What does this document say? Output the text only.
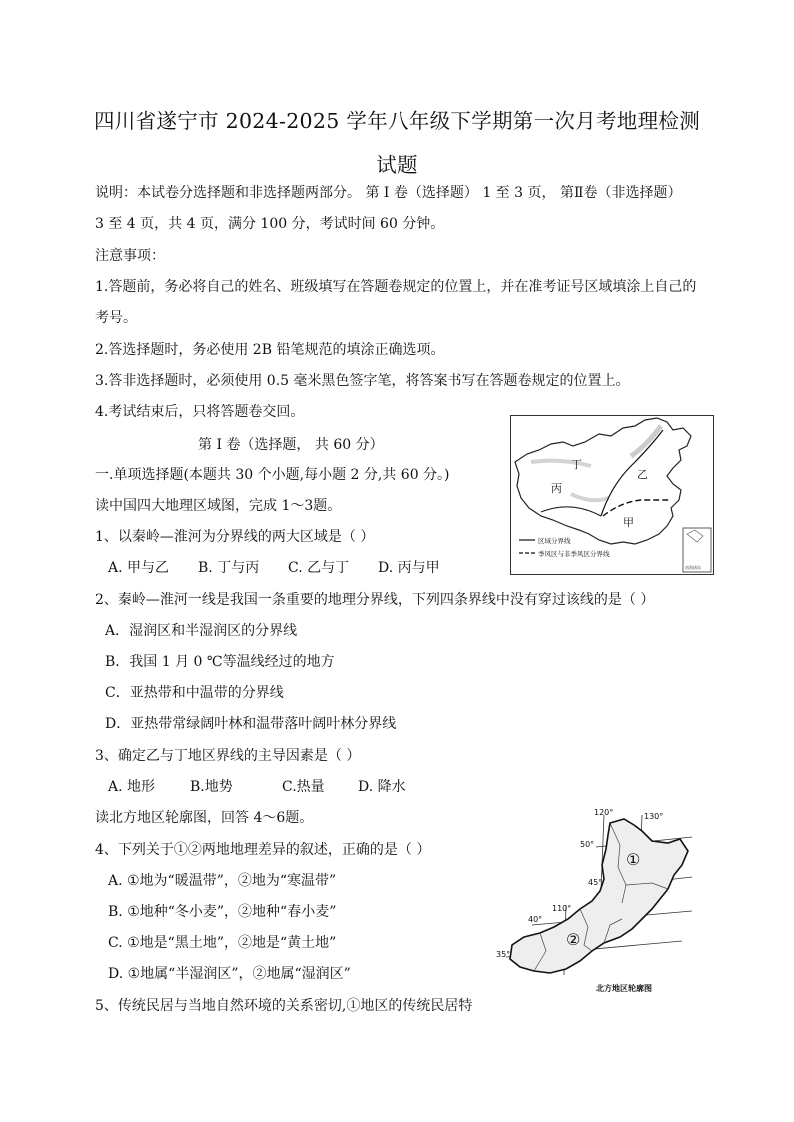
四川省遂宁市 2024-2025 学年八年级下学期第一次月考地理检测
试题
说明：本试卷分选择题和非选择题两部分。 第 I 卷（选择题） 1 至 3 页， 第Ⅱ卷（非选择题）
3 至 4 页，共 4 页，满分 100 分，考试时间 60 分钟。
注意事项：
1.答题前，务必将自己的姓名、班级填写在答题卷规定的位置上，并在准考证号区域填涂上自己的
考号。
2.答选择题时，务必使用 2B 铅笔规范的填涂正确选项。
3.答非选择题时，必须使用 0.5 毫米黑色签字笔，将答案书写在答题卷规定的位置上。
4.考试结束后，只将答题卷交回。
第 I 卷（选择题， 共 60 分）
一.单项选择题(本题共 30 个小题,每小题 2 分,共 60 分。)
读中国四大地理区域图，完成 1～3题。
1、以秦岭—淮河为分界线的两大区域是（ ）
A. 甲与乙 B. 丁与丙 C. 乙与丁 D. 丙与甲
2、秦岭—淮河一线是我国一条重要的地理分界线，下列四条界线中没有穿过该线的是（ ）
A．湿润区和半湿润区的分界线
B．我国 1 月 0 ℃等温线经过的地方
C．亚热带和中温带的分界线
D．亚热带常绿阔叶林和温带落叶阔叶林分界线
3、确定乙与丁地区界线的主导因素是（ ）
A. 地形 B.地势	C.热量 D. 降水
读北方地区轮廓图，回答 4～6题。
4、下列关于①②两地地理差异的叙述，正确的是（ ）
A. ①地为“暖温带”，②地为“寒温带”
B. ①地种“冬小麦”，②地种“春小麦”
C. ①地是“黑土地”，②地是“黄土地”
D. ①地属“半湿润区”，②地属“湿润区”
5、传统民居与当地自然环境的关系密切,①地区的传统民居特
丁
乙
丙
甲
区域分界线
季风区与非季风区分界线
南海诸岛
120°	130°
110°
50°
45°
40°
35°
①
②
北方地区轮廓图
